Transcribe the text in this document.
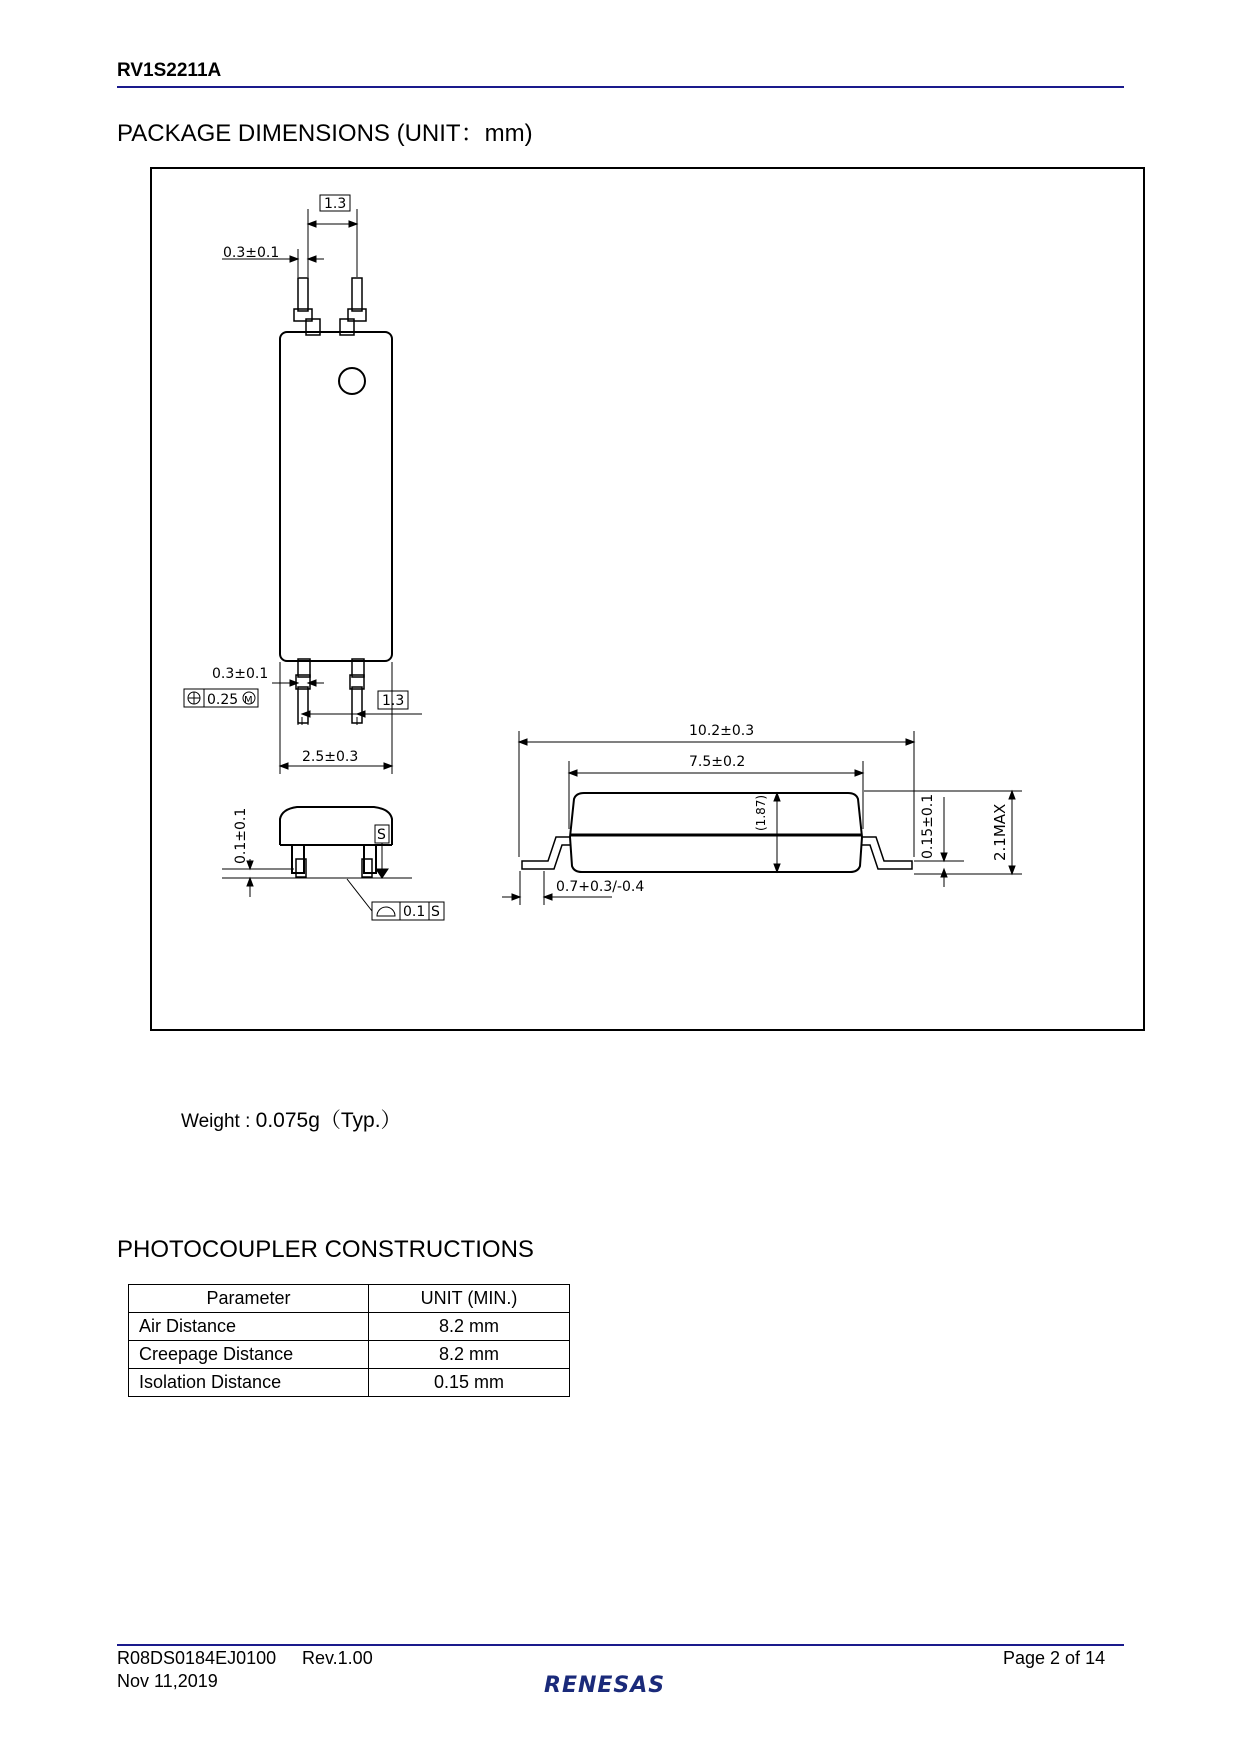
RV1S2211A
PACKAGE DIMENSIONS (UNIT：mm)
1.3
0.3±0.1
0.3±0.1
0.25 M	1.3
2.5±0.3
0.1±0.1	S
0.1 S
10.2±0.3
7.5±0.2
(1.87)	2.1MAX
0.15±0.1
0.7+0.3/-0.4
Weight : 0.075g（Typ.）
PHOTOCOUPLER CONSTRUCTIONS
Parameter	UNIT (MIN.)
Air Distance	8.2 mm
Creepage Distance	8.2 mm
Isolation Distance	0.15 mm
R08DS0184EJ0100 Rev.1.00
Nov 11,2019
Page 2 of 14
RENESAS
